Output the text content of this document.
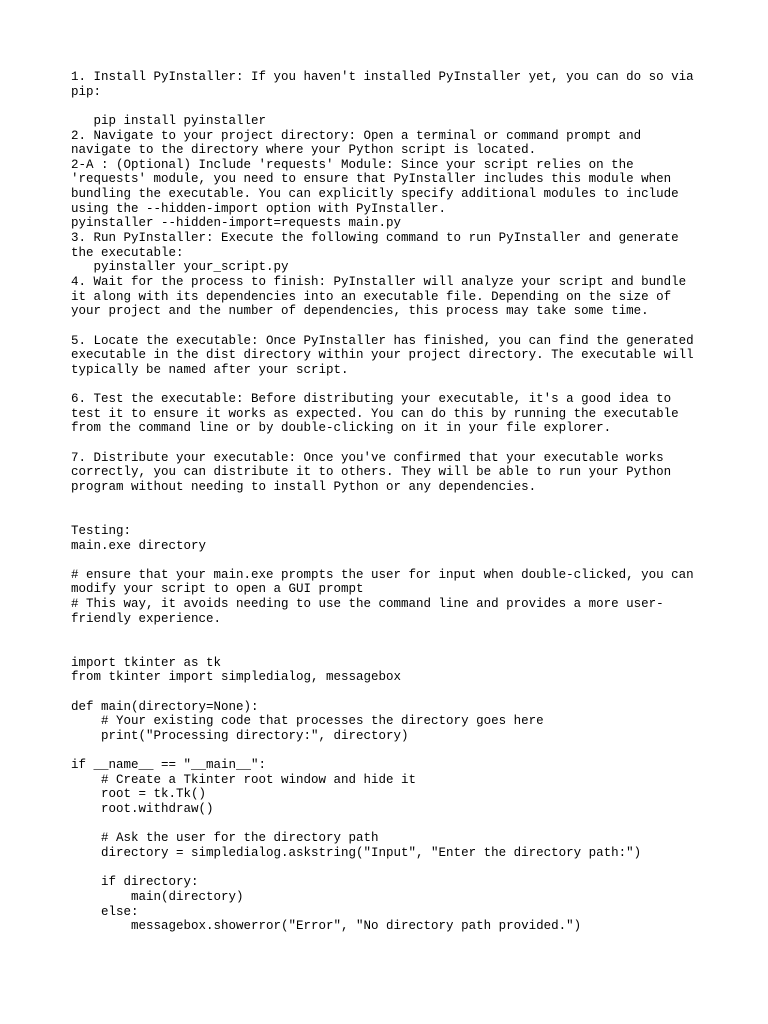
1. Install PyInstaller: If you haven't installed PyInstaller yet, you can do so via
pip:
pip install pyinstaller
2. Navigate to your project directory: Open a terminal or command prompt and
navigate to the directory where your Python script is located.
2-A : (Optional) Include 'requests' Module: Since your script relies on the
'requests' module, you need to ensure that PyInstaller includes this module when
bundling the executable. You can explicitly specify additional modules to include
using the --hidden-import option with PyInstaller.
pyinstaller --hidden-import=requests main.py
3. Run PyInstaller: Execute the following command to run PyInstaller and generate
the executable:
pyinstaller your_script.py
4. Wait for the process to finish: PyInstaller will analyze your script and bundle
it along with its dependencies into an executable file. Depending on the size of
your project and the number of dependencies, this process may take some time.
5. Locate the executable: Once PyInstaller has finished, you can find the generated
executable in the dist directory within your project directory. The executable will
typically be named after your script.
6. Test the executable: Before distributing your executable, it's a good idea to
test it to ensure it works as expected. You can do this by running the executable
from the command line or by double-clicking on it in your file explorer.
7. Distribute your executable: Once you've confirmed that your executable works
correctly, you can distribute it to others. They will be able to run your Python
program without needing to install Python or any dependencies.
Testing:
main.exe directory
# ensure that your main.exe prompts the user for input when double-clicked, you can
modify your script to open a GUI prompt
# This way, it avoids needing to use the command line and provides a more user-
friendly experience.
import tkinter as tk
from tkinter import simpledialog, messagebox
def main(directory=None):
# Your existing code that processes the directory goes here
print("Processing directory:", directory)
if __name__ == "__main__":
# Create a Tkinter root window and hide it
root = tk.Tk()
root.withdraw()
# Ask the user for the directory path
directory = simpledialog.askstring("Input", "Enter the directory path:")
if directory:
main(directory)
else:
messagebox.showerror("Error", "No directory path provided.")
